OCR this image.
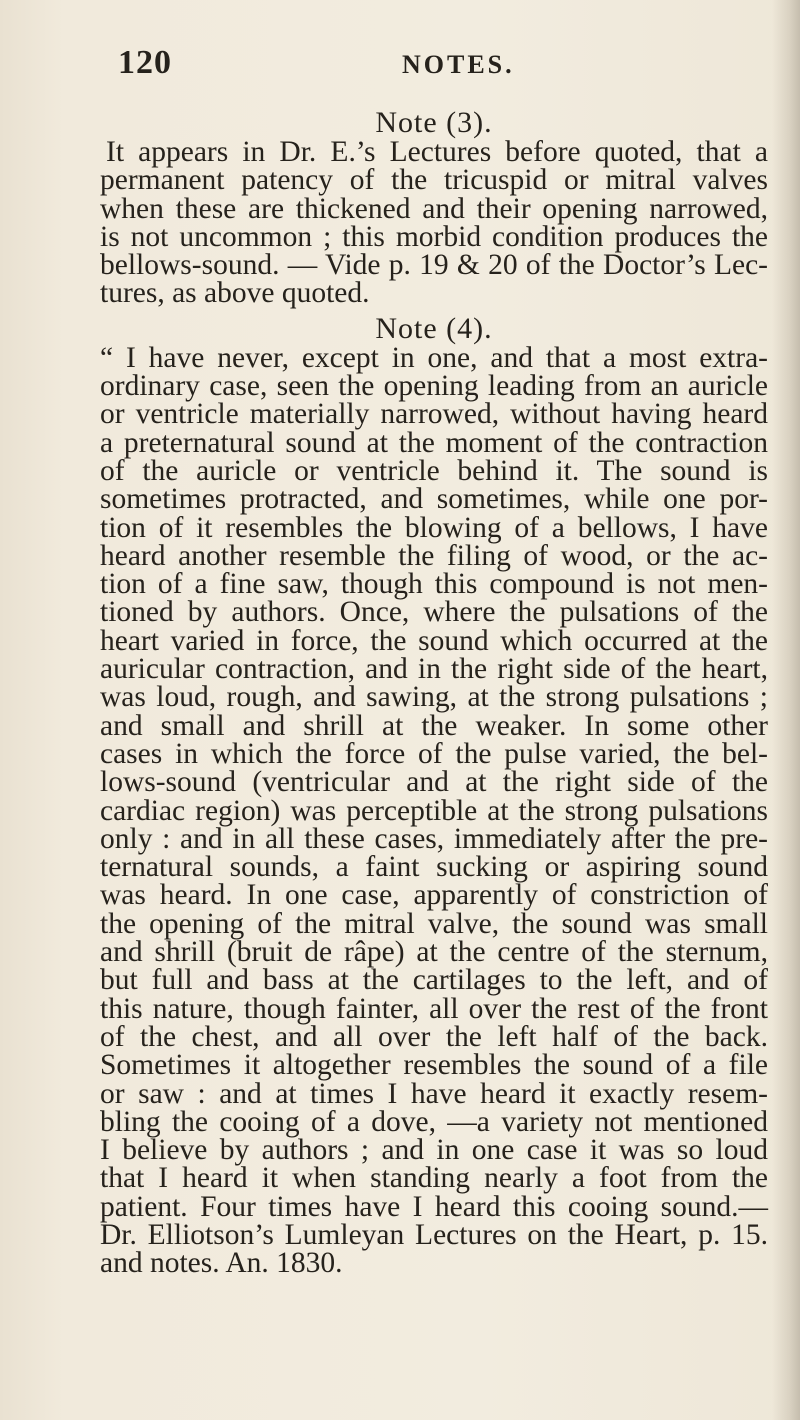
120	NOTES.
Note (3).
It appears in Dr. E.’s Lectures before quoted, that a
permanent patency of the tricuspid or mitral valves
when these are thickened and their opening narrowed,
is not uncommon ; this morbid condition produces the
bellows-sound. — Vide p. 19 & 20 of the Doctor’s Lec-
tures, as above quoted.
Note (4).
“ I have never, except in one, and that a most extra-
ordinary case, seen the opening leading from an auricle
or ventricle materially narrowed, without having heard
a preternatural sound at the moment of the contraction
of the auricle or ventricle behind it. The sound is
sometimes protracted, and sometimes, while one por-
tion of it resembles the blowing of a bellows, I have
heard another resemble the filing of wood, or the ac-
tion of a fine saw, though this compound is not men-
tioned by authors. Once, where the pulsations of the
heart varied in force, the sound which occurred at the
auricular contraction, and in the right side of the heart,
was loud, rough, and sawing, at the strong pulsations ;
and small and shrill at the weaker. In some other
cases in which the force of the pulse varied, the bel-
lows-sound (ventricular and at the right side of the
cardiac region) was perceptible at the strong pulsations
only : and in all these cases, immediately after the pre-
ternatural sounds, a faint sucking or aspiring sound
was heard. In one case, apparently of constriction of
the opening of the mitral valve, the sound was small
and shrill (bruit de râpe) at the centre of the sternum,
but full and bass at the cartilages to the left, and of
this nature, though fainter, all over the rest of the front
of the chest, and all over the left half of the back.
Sometimes it altogether resembles the sound of a file
or saw : and at times I have heard it exactly resem-
bling the cooing of a dove, —a variety not mentioned
I believe by authors ; and in one case it was so loud
that I heard it when standing nearly a foot from the
patient. Four times have I heard this cooing sound.—
Dr. Elliotson’s Lumleyan Lectures on the Heart, p. 15.
and notes. An. 1830.
